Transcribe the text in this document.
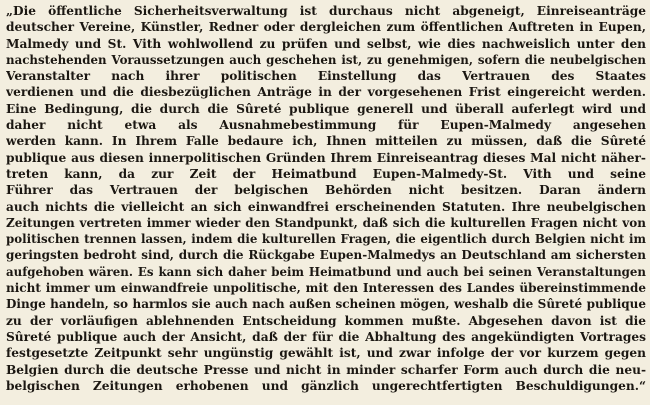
„Die öffentliche Sicherheitsverwaltung ist durchaus nicht abgeneigt, Einreiseanträge
deutscher Vereine, Künstler, Redner oder dergleichen zum öffentlichen Auftreten in Eupen,
Malmedy und St. Vith wohlwollend zu prüfen und selbst, wie dies nachweislich unter den
nachstehenden Voraussetzungen auch geschehen ist, zu genehmigen, sofern die neubelgischen
Veranstalter nach ihrer politischen Einstellung das Vertrauen des Staates
verdienen und die diesbezüglichen Anträge in der vorgesehenen Frist eingereicht werden.
Eine Bedingung, die durch die Sûreté publique generell und überall auferlegt wird und
daher nicht etwa als Ausnahmebestimmung für Eupen-Malmedy angesehen
werden kann. In Ihrem Falle bedaure ich, Ihnen mitteilen zu müssen, daß die Sûreté
publique aus diesen innerpolitischen Gründen Ihrem Einreiseantrag dieses Mal nicht näher-
treten kann, da zur Zeit der Heimatbund Eupen-Malmedy-St. Vith und seine
Führer das Vertrauen der belgischen Behörden nicht besitzen. Daran ändern
auch nichts die vielleicht an sich einwandfrei erscheinenden Statuten. Ihre neubelgischen
Zeitungen vertreten immer wieder den Standpunkt, daß sich die kulturellen Fragen nicht von
politischen trennen lassen, indem die kulturellen Fragen, die eigentlich durch Belgien nicht im
geringsten bedroht sind, durch die Rückgabe Eupen-Malmedys an Deutschland am sichersten
aufgehoben wären. Es kann sich daher beim Heimatbund und auch bei seinen Veranstaltungen
nicht immer um einwandfreie unpolitische, mit den Interessen des Landes übereinstimmende
Dinge handeln, so harmlos sie auch nach außen scheinen mögen, weshalb die Sûreté publique
zu der vorläufigen ablehnenden Entscheidung kommen mußte. Abgesehen davon ist die
Sûreté publique auch der Ansicht, daß der für die Abhaltung des angekündigten Vortrages
festgesetzte Zeitpunkt sehr ungünstig gewählt ist, und zwar infolge der vor kurzem gegen
Belgien durch die deutsche Presse und nicht in minder scharfer Form auch durch die neu-
belgischen Zeitungen erhobenen und gänzlich ungerechtfertigten Beschuldigungen.“
